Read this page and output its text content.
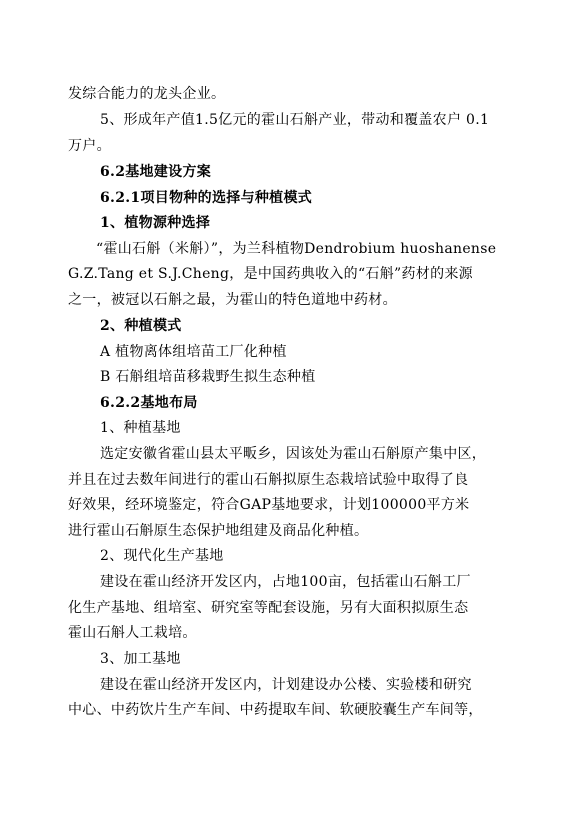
发综合能力的龙头企业。

5、形成年产值1.5亿元的霍山石斛产业，带动和覆盖农户 0.1

万户。

6.2基地建设方案

6.2.1项目物种的选择与种植模式

1、植物源种选择

“霍山石斛（米斛）”，为兰科植物Dendrobium huoshanense

G.Z.Tang et S.J.Cheng，是中国药典收入的“石斛”药材的来源

之一，被冠以石斛之最，为霍山的特色道地中药材。

2、种植模式

A 植物离体组培苗工厂化种植

B 石斛组培苗移栽野生拟生态种植

6.2.2基地布局

1、种植基地

选定安徽省霍山县太平畈乡，因该处为霍山石斛原产集中区，

并且在过去数年间进行的霍山石斛拟原生态栽培试验中取得了良

好效果，经环境鉴定，符合GAP基地要求，计划100000平方米

进行霍山石斛原生态保护地组建及商品化种植。

2、现代化生产基地

建设在霍山经济开发区内，占地100亩，包括霍山石斛工厂

化生产基地、组培室、研究室等配套设施，另有大面积拟原生态

霍山石斛人工栽培。

3、加工基地

建设在霍山经济开发区内，计划建设办公楼、实验楼和研究

中心、中药饮片生产车间、中药提取车间、软硬胶囊生产车间等，
